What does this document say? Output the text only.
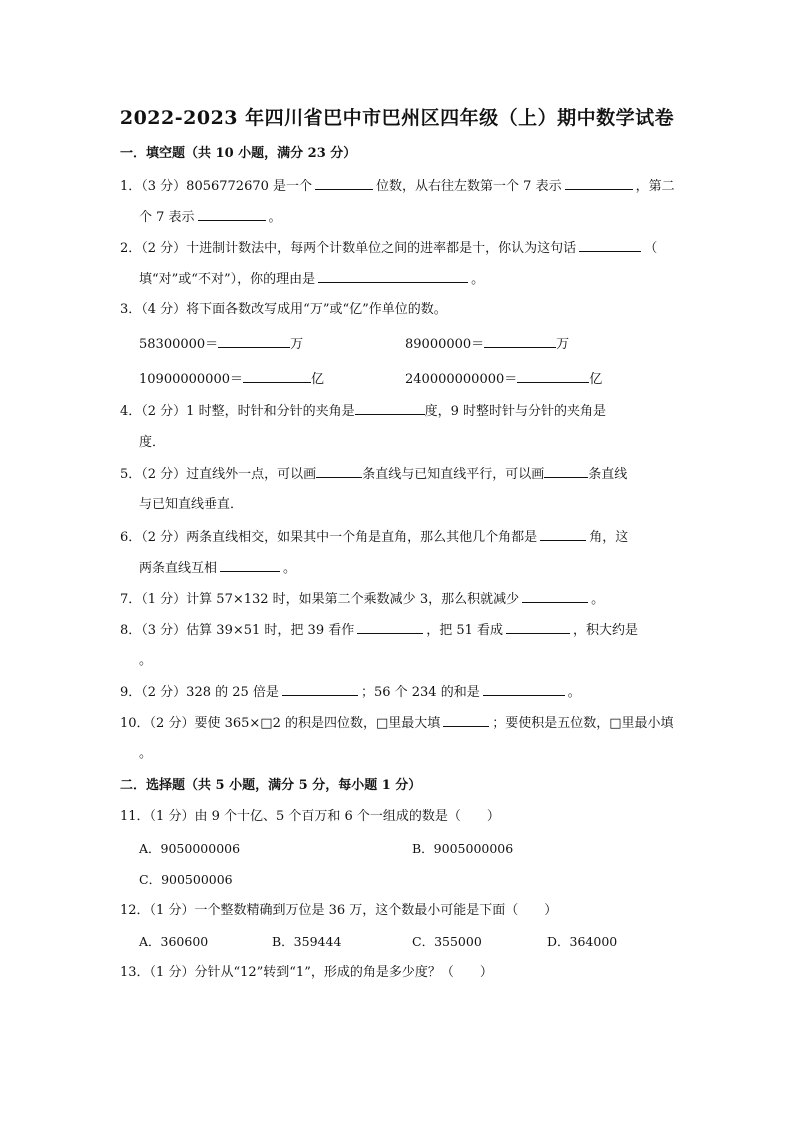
2022-2023 年四川省巴中市巴州区四年级（上）期中数学试卷
一．填空题（共 10 小题，满分 23 分）
1．（3 分）8056772670 是一个	位数，从右往左数第一个 7 表示	，第二
个 7 表示	。
2．（2 分）十进制计数法中，每两个计数单位之间的进率都是十，你认为这句话	（
填“对”或“不对”），你的理由是	。
3．（4 分）将下面各数改写成用“万”或“亿”作单位的数。
58300000＝	万	89000000＝	万
10900000000＝	亿	240000000000＝	亿
4．（2 分）1 时整，时针和分针的夹角是	度，9 时整时针与分针的夹角是
度．
5．（2 分）过直线外一点，可以画	条直线与已知直线平行，可以画	条直线
与已知直线垂直．
6．（2 分）两条直线相交，如果其中一个角是直角，那么其他几个角都是	角，这
两条直线互相	。
7．（1 分）计算 57×132 时，如果第二个乘数减少 3，那么积就减少	。
8．（3 分）估算 39×51 时，把 39 看作	，把 51 看成	，积大约是
。
9．（2 分）328 的 25 倍是	；56 个 234 的和是	。
10．（2 分）要使 365×□2 的积是四位数，□里最大填	；要使积是五位数，□里最小填
。
二．选择题（共 5 小题，满分 5 分，每小题 1 分）
11．（1 分）由 9 个十亿、5 个百万和 6 个一组成的数是（　　）
A．9050000006	B．9005000006
C．900500006
12．（1 分）一个整数精确到万位是 36 万，这个数最小可能是下面（　　）
A．360600	B．359444	C．355000	D．364000
13．（1 分）分针从“12”转到“1”，形成的角是多少度？（　　）
